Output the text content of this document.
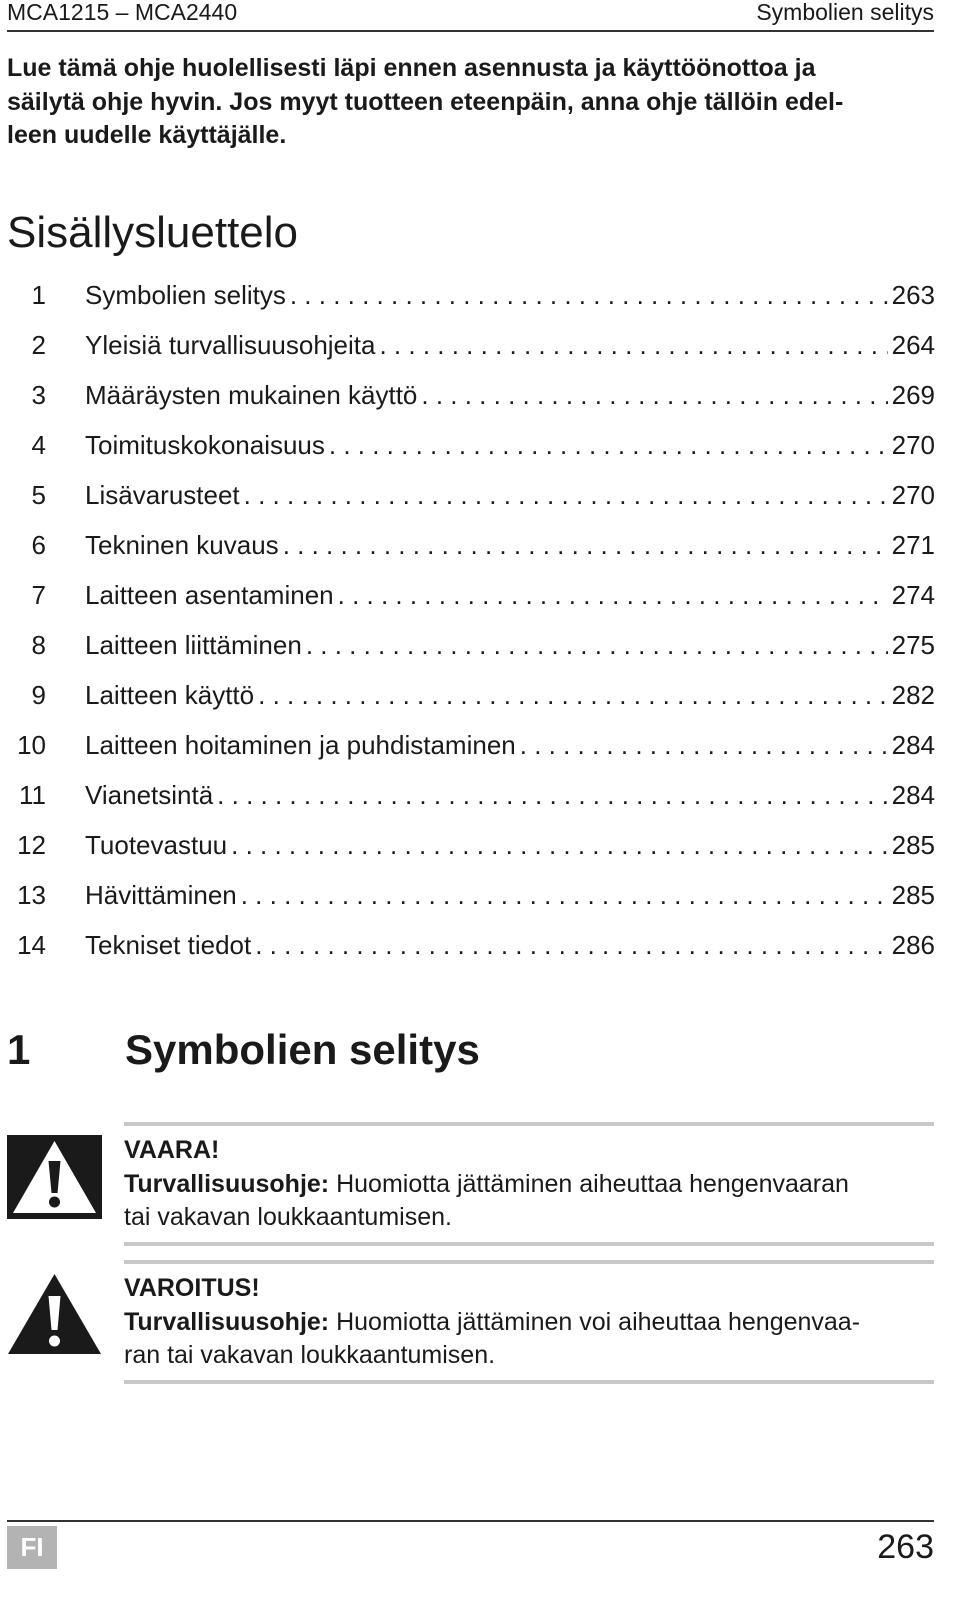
MCA1215 – MCA2440	Symbolien selitys

Lue tämä ohje huolellisesti läpi ennen asennusta ja käyttöönottoa ja

säilytä ohje hyvin. Jos myyt tuotteen eteenpäin, anna ohje tällöin edel-

leen uudelle käyttäjälle.

Sisällysluettelo
1 Symbolien selitys . . .	263
2 Yleisiä turvallisuusohjeita . . .	264
3 Määräysten mukainen käyttö . . .	269
4 Toimituskokonaisuus . . .	270
5 Lisävarusteet . . .	270
6 Tekninen kuvaus . . .	271
7 Laitteen asentaminen . . .	274
8 Laitteen liittäminen . . .	275
9 Laitteen käyttö . . .	282
10 Laitteen hoitaminen ja puhdistaminen . . .	284
11 Vianetsintä . . .	284
12 Tuotevastuu . . .	285
13 Hävittäminen . . .	285
14 Tekniset tiedot . . .	286
1	Symbolien selitys
VAARA!
Turvallisuusohje: Huomiotta jättäminen aiheuttaa hengenvaaran
tai vakavan loukkaantumisen.
VAROITUS!
Turvallisuusohje: Huomiotta jättäminen voi aiheuttaa hengenvaa-
ran tai vakavan loukkaantumisen.
FI	263
